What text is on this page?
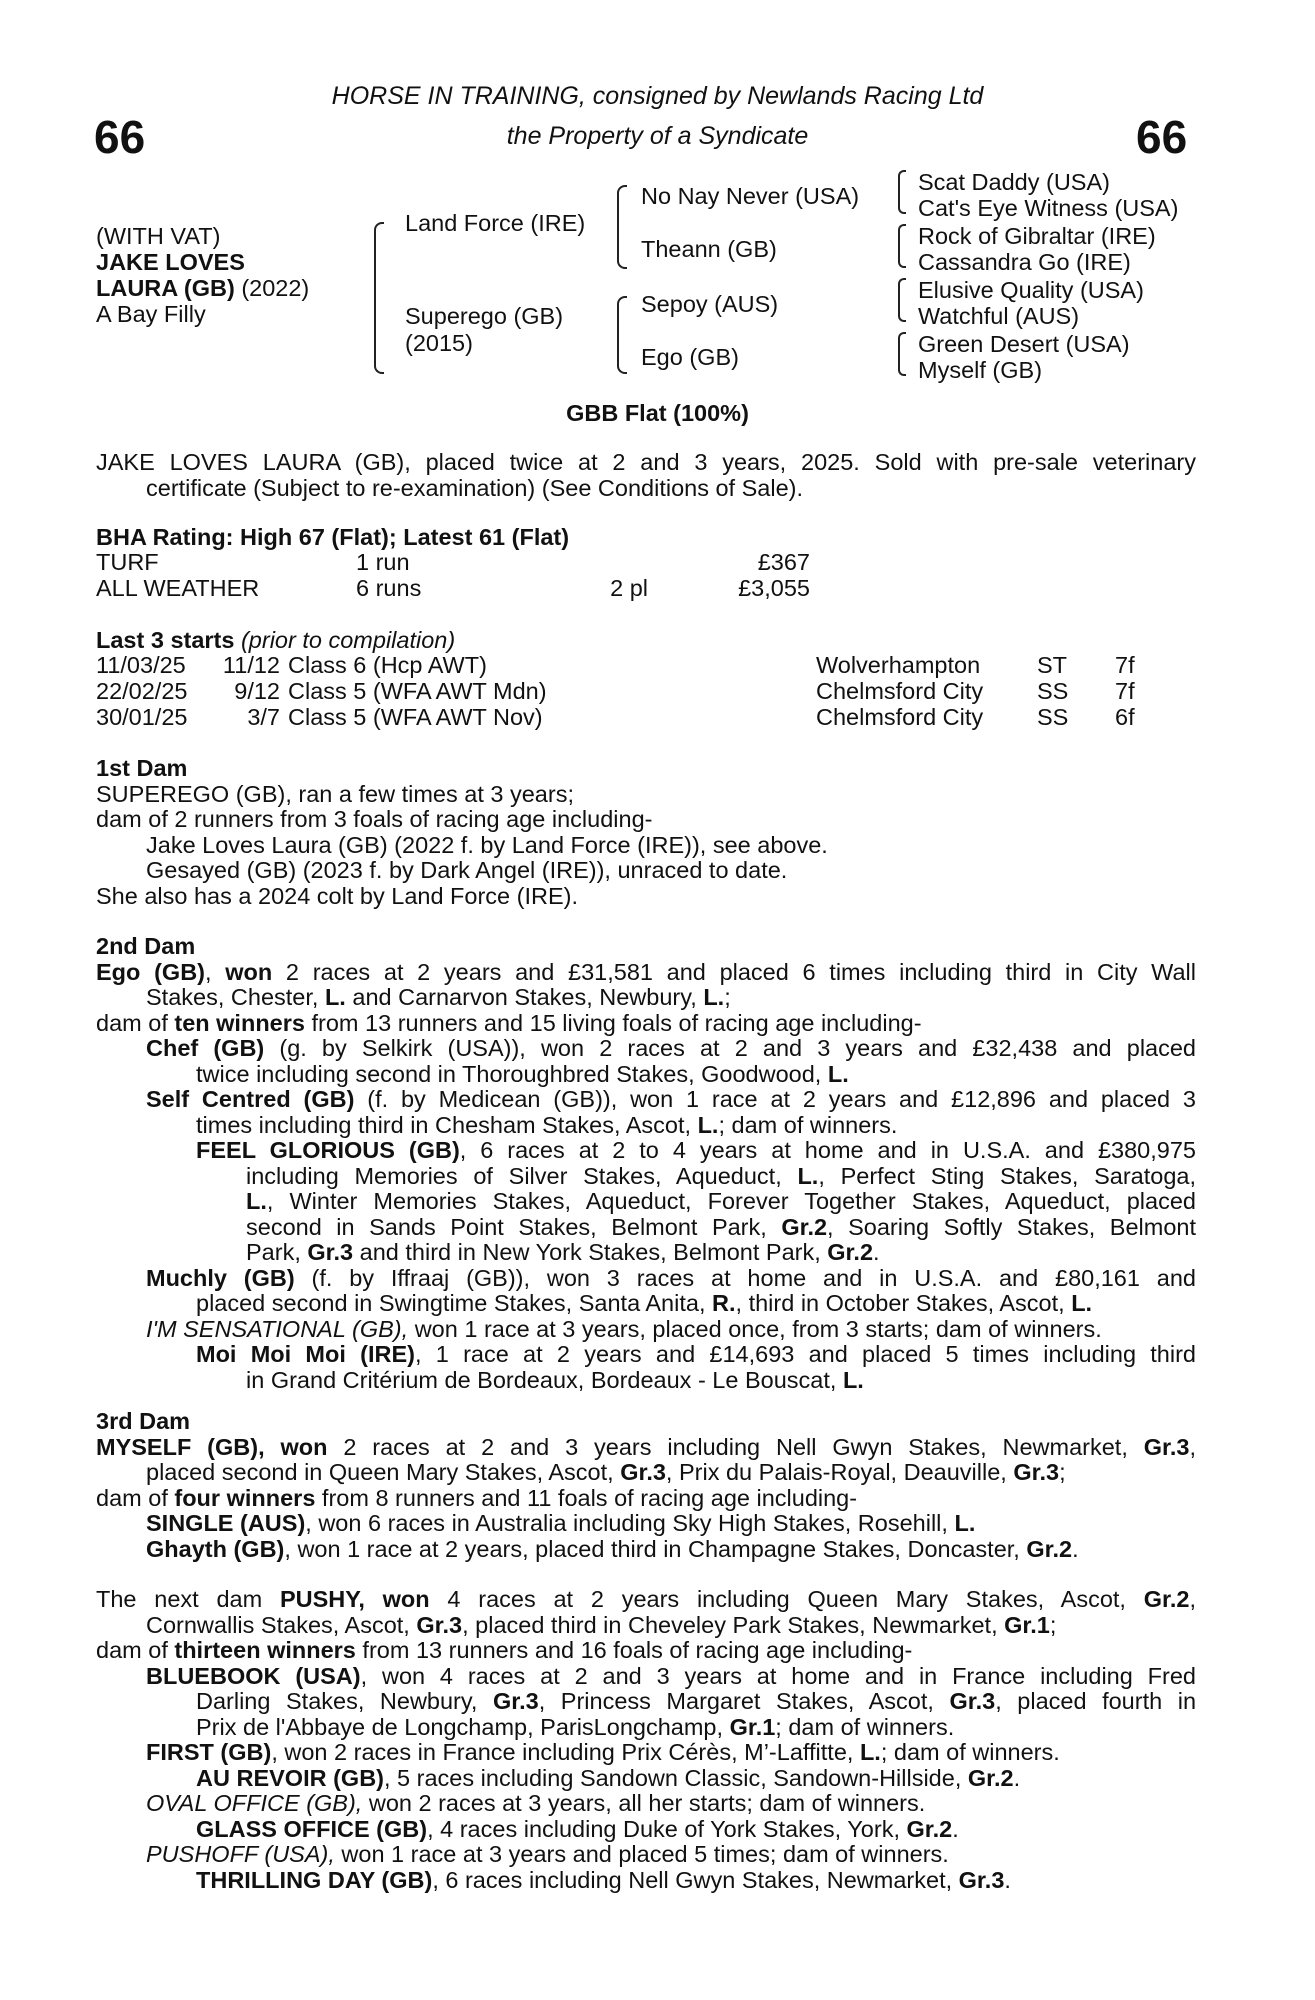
66	66
HORSE IN TRAINING, consigned by Newlands Racing Ltd
the Property of a Syndicate
(WITH VAT)
JAKE LOVES
LAURA (GB) (2022)
A Bay Filly
Land Force (IRE)
Superego (GB)
(2015)
No Nay Never (USA)
Theann (GB)
Sepoy (AUS)
Ego (GB)
Scat Daddy (USA)
Cat's Eye Witness (USA)
Rock of Gibraltar (IRE)
Cassandra Go (IRE)
Elusive Quality (USA)
Watchful (AUS)
Green Desert (USA)
Myself (GB)
GBB Flat (100%)
JAKE LOVES LAURA (GB), placed twice at 2 and 3 years, 2025. Sold with pre-sale veterinary
certificate (Subject to re-examination) (See Conditions of Sale).
BHA Rating: High 67 (Flat); Latest 61 (Flat)
TURF	1 run	£367
ALL WEATHER	6 runs	2 pl	£3,055
Last 3 starts (prior to compilation)
11/03/25	11/12 Class 6 (Hcp AWT)	Wolverhampton ST 7f
22/02/25	9/12 Class 5 (WFA AWT Mdn)	Chelmsford City SS 7f
30/01/25	3/7 Class 5 (WFA AWT Nov)	Chelmsford City SS 6f
1st Dam
SUPEREGO (GB), ran a few times at 3 years;
dam of 2 runners from 3 foals of racing age including-
Jake Loves Laura (GB) (2022 f. by Land Force (IRE)), see above.
Gesayed (GB) (2023 f. by Dark Angel (IRE)), unraced to date.
She also has a 2024 colt by Land Force (IRE).
2nd Dam
Ego (GB), won 2 races at 2 years and £31,581 and placed 6 times including third in City Wall
Stakes, Chester, L. and Carnarvon Stakes, Newbury, L.;
dam of ten winners from 13 runners and 15 living foals of racing age including-
Chef (GB) (g. by Selkirk (USA)), won 2 races at 2 and 3 years and £32,438 and placed
twice including second in Thoroughbred Stakes, Goodwood, L.
Self Centred (GB) (f. by Medicean (GB)), won 1 race at 2 years and £12,896 and placed 3
times including third in Chesham Stakes, Ascot, L.; dam of winners.
FEEL GLORIOUS (GB), 6 races at 2 to 4 years at home and in U.S.A. and £380,975
including Memories of Silver Stakes, Aqueduct, L., Perfect Sting Stakes, Saratoga,
L., Winter Memories Stakes, Aqueduct, Forever Together Stakes, Aqueduct, placed
second in Sands Point Stakes, Belmont Park, Gr.2, Soaring Softly Stakes, Belmont
Park, Gr.3 and third in New York Stakes, Belmont Park, Gr.2.
Muchly (GB) (f. by Iffraaj (GB)), won 3 races at home and in U.S.A. and £80,161 and
placed second in Swingtime Stakes, Santa Anita, R., third in October Stakes, Ascot, L.
I'M SENSATIONAL (GB), won 1 race at 3 years, placed once, from 3 starts; dam of winners.
Moi Moi Moi (IRE), 1 race at 2 years and £14,693 and placed 5 times including third
in Grand Critérium de Bordeaux, Bordeaux - Le Bouscat, L.
3rd Dam
MYSELF (GB), won 2 races at 2 and 3 years including Nell Gwyn Stakes, Newmarket, Gr.3,
placed second in Queen Mary Stakes, Ascot, Gr.3, Prix du Palais-Royal, Deauville, Gr.3;
dam of four winners from 8 runners and 11 foals of racing age including-
SINGLE (AUS), won 6 races in Australia including Sky High Stakes, Rosehill, L.
Ghayth (GB), won 1 race at 2 years, placed third in Champagne Stakes, Doncaster, Gr.2.
The next dam PUSHY, won 4 races at 2 years including Queen Mary Stakes, Ascot, Gr.2,
Cornwallis Stakes, Ascot, Gr.3, placed third in Cheveley Park Stakes, Newmarket, Gr.1;
dam of thirteen winners from 13 runners and 16 foals of racing age including-
BLUEBOOK (USA), won 4 races at 2 and 3 years at home and in France including Fred
Darling Stakes, Newbury, Gr.3, Princess Margaret Stakes, Ascot, Gr.3, placed fourth in
Prix de l'Abbaye de Longchamp, ParisLongchamp, Gr.1; dam of winners.
FIRST (GB), won 2 races in France including Prix Cérès, M’-Laffitte, L.; dam of winners.
AU REVOIR (GB), 5 races including Sandown Classic, Sandown-Hillside, Gr.2.
OVAL OFFICE (GB), won 2 races at 3 years, all her starts; dam of winners.
GLASS OFFICE (GB), 4 races including Duke of York Stakes, York, Gr.2.
PUSHOFF (USA), won 1 race at 3 years and placed 5 times; dam of winners.
THRILLING DAY (GB), 6 races including Nell Gwyn Stakes, Newmarket, Gr.3.
